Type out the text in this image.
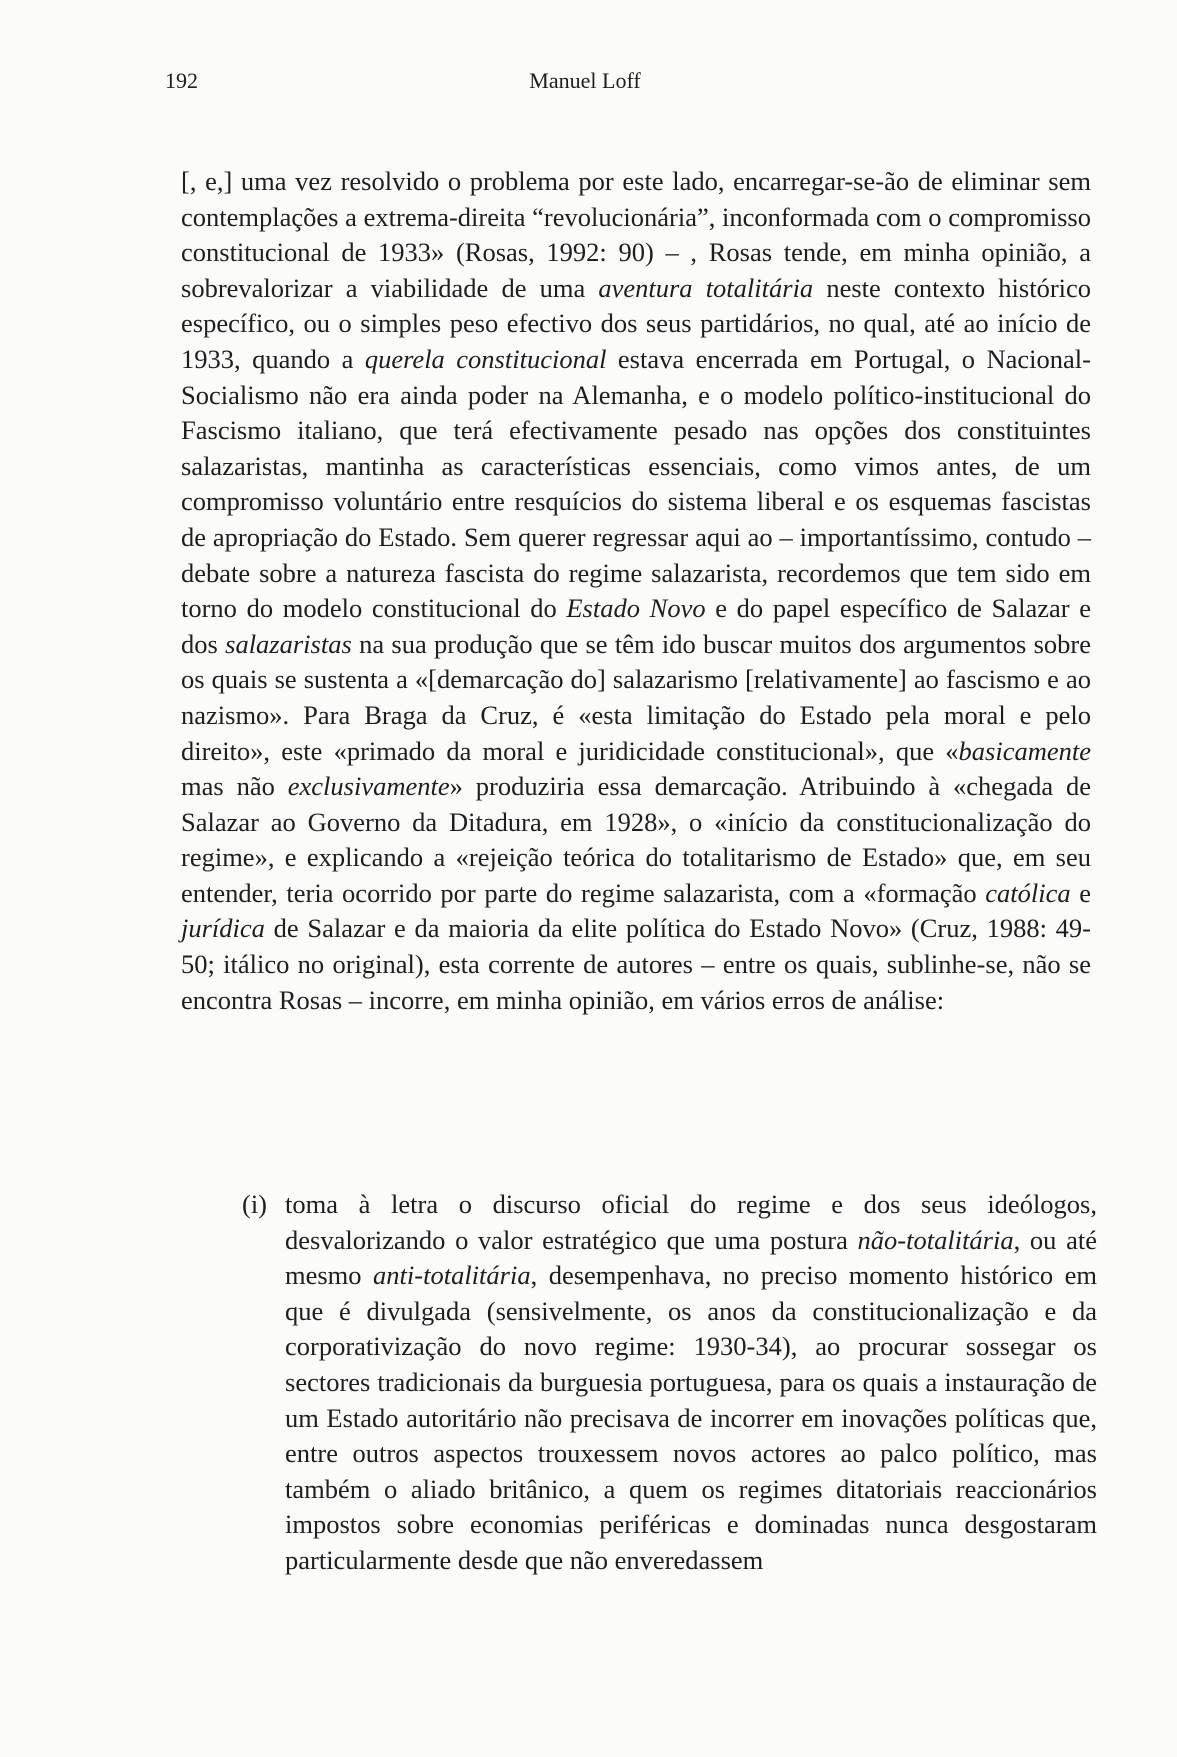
192	Manuel Loff

[, e,] uma vez resolvido o problema por este lado, encarregar-se-ão de eliminar sem contemplações a extrema-direita “revolucionária”, inconformada com o compromisso constitucional de 1933» (Rosas, 1992: 90) – , Rosas tende, em minha opinião, a sobrevalorizar a viabilidade de uma aventura totalitária neste contexto histórico específico, ou o simples peso efectivo dos seus partidários, no qual, até ao início de 1933, quando a querela constitucional estava encerrada em Portugal, o Nacional-Socialismo não era ainda poder na Alemanha, e o modelo político-institucional do Fascismo italiano, que terá efectivamente pesado nas opções dos constituintes salazaristas, mantinha as características essenciais, como vimos antes, de um compromisso voluntário entre resquícios do sistema liberal e os esquemas fascistas de apropriação do Estado. Sem querer regressar aqui ao – importantíssimo, contudo – debate sobre a natureza fascista do regime salazarista, recordemos que tem sido em torno do modelo constitucional do Estado Novo e do papel específico de Salazar e dos salazaristas na sua produção que se têm ido buscar muitos dos argumentos sobre os quais se sustenta a «[demarcação do] salazarismo [relativamente] ao fascismo e ao nazismo». Para Braga da Cruz, é «esta limitação do Estado pela moral e pelo direito», este «primado da moral e juridicidade constitucional», que «basicamente mas não exclusivamente» produziria essa demarcação. Atribuindo à «chegada de Salazar ao Governo da Ditadura, em 1928», o «início da constitucionalização do regime», e explicando a «rejeição teórica do totalitarismo de Estado» que, em seu entender, teria ocorrido por parte do regime salazarista, com a «formação católica e jurídica de Salazar e da maioria da elite política do Estado Novo» (Cruz, 1988: 49-50; itálico no original), esta corrente de autores – entre os quais, sublinhe-se, não se encontra Rosas – incorre, em minha opinião, em vários erros de análise:

(i) toma à letra o discurso oficial do regime e dos seus ideólogos, desvalorizando o valor estratégico que uma postura não-totalitária, ou até mesmo anti-totalitária, desempenhava, no preciso momento histórico em que é divulgada (sensivelmente, os anos da constitucionalização e da corporativização do novo regime: 1930-34), ao procurar sossegar os sectores tradicionais da burguesia portuguesa, para os quais a instauração de um Estado autoritário não precisava de incorrer em inovações políticas que, entre outros aspectos trouxessem novos actores ao palco político, mas também o aliado britânico, a quem os regimes ditatoriais reaccionários impostos sobre economias periféricas e dominadas nunca desgostaram particularmente desde que não enveredassem
